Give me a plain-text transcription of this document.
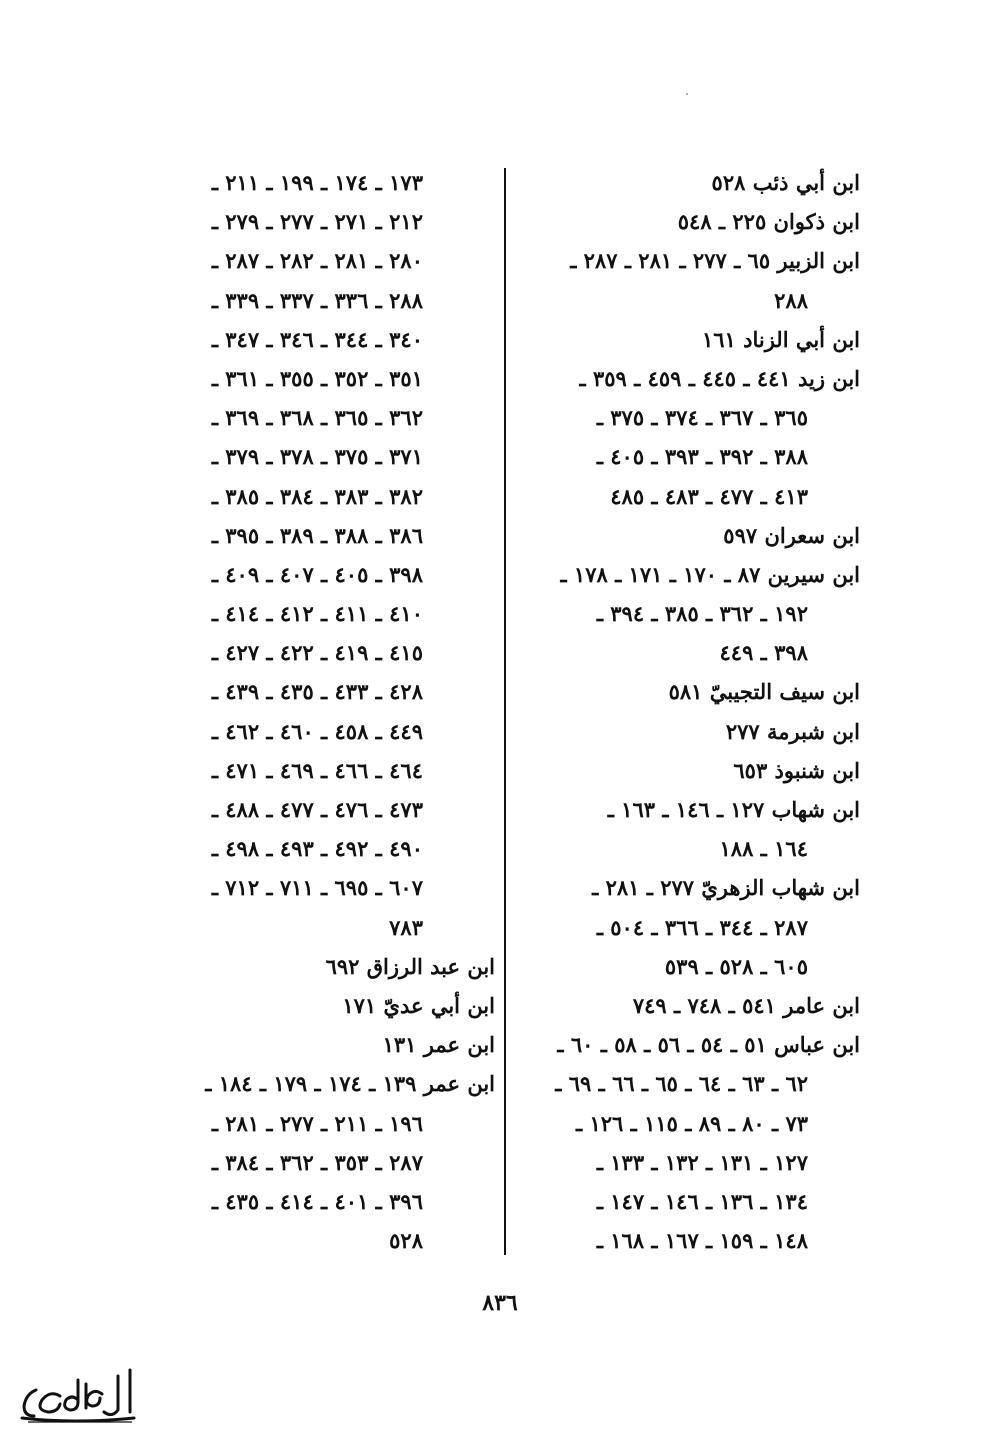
ابن أبي ذئب ٥٢٨
ابن ذكوان ٢٢٥ ـ ٥٤٨
ابن الزبير ٦٥ ـ ٢٧٧ ـ ٢٨١ ـ ٢٨٧ ـ
٢٨٨
ابن أبي الزناد ١٦١
ابن زيد ٤٤١ ـ ٤٤٥ ـ ٤٥٩ ـ ٣٥٩ ـ
٣٦٥ ـ ٣٦٧ ـ ٣٧٤ ـ ٣٧٥ ـ
٣٨٨ ـ ٣٩٢ ـ ٣٩٣ ـ ٤٠٥ ـ
٤١٣ ـ ٤٧٧ ـ ٤٨٣ ـ ٤٨٥
ابن سعران ٥٩٧
ابن سيرين ٨٧ ـ ١٧٠ ـ ١٧١ ـ ١٧٨ ـ
١٩٢ ـ ٣٦٢ ـ ٣٨٥ ـ ٣٩٤ ـ
٣٩٨ ـ ٤٤٩
ابن سيف التجيبيّ ٥٨١
ابن شبرمة ٢٧٧
ابن شنبوذ ٦٥٣
ابن شهاب ١٢٧ ـ ١٤٦ ـ ١٦٣ ـ
١٦٤ ـ ١٨٨
ابن شهاب الزهريّ ٢٧٧ ـ ٢٨١ ـ
٢٨٧ ـ ٣٤٤ ـ ٣٦٦ ـ ٥٠٤ ـ
٦٠٥ ـ ٥٢٨ ـ ٥٣٩
ابن عامر ٥٤١ ـ ٧٤٨ ـ ٧٤٩
ابن عباس ٥١ ـ ٥٤ ـ ٥٦ ـ ٥٨ ـ ٦٠ ـ
٦٢ ـ ٦٣ ـ ٦٤ ـ ٦٥ ـ ٦٦ ـ ٦٩ ـ
٧٣ ـ ٨٠ ـ ٨٩ ـ ١١٥ ـ ١٢٦ ـ
١٢٧ ـ ١٣١ ـ ١٣٢ ـ ١٣٣ ـ
١٣٤ ـ ١٣٦ ـ ١٤٦ ـ ١٤٧ ـ
١٤٨ ـ ١٥٩ ـ ١٦٧ ـ ١٦٨ ـ
١٧٣ ـ ١٧٤ ـ ١٩٩ ـ ٢١١ ـ
٢١٢ ـ ٢٧١ ـ ٢٧٧ ـ ٢٧٩ ـ
٢٨٠ ـ ٢٨١ ـ ٢٨٢ ـ ٢٨٧ ـ
٢٨٨ ـ ٣٣٦ ـ ٣٣٧ ـ ٣٣٩ ـ
٣٤٠ ـ ٣٤٤ ـ ٣٤٦ ـ ٣٤٧ ـ
٣٥١ ـ ٣٥٢ ـ ٣٥٥ ـ ٣٦١ ـ
٣٦٢ ـ ٣٦٥ ـ ٣٦٨ ـ ٣٦٩ ـ
٣٧١ ـ ٣٧٥ ـ ٣٧٨ ـ ٣٧٩ ـ
٣٨٢ ـ ٣٨٣ ـ ٣٨٤ ـ ٣٨٥ ـ
٣٨٦ ـ ٣٨٨ ـ ٣٨٩ ـ ٣٩٥ ـ
٣٩٨ ـ ٤٠٥ ـ ٤٠٧ ـ ٤٠٩ ـ
٤١٠ ـ ٤١١ ـ ٤١٢ ـ ٤١٤ ـ
٤١٥ ـ ٤١٩ ـ ٤٢٢ ـ ٤٢٧ ـ
٤٢٨ ـ ٤٣٣ ـ ٤٣٥ ـ ٤٣٩ ـ
٤٤٩ ـ ٤٥٨ ـ ٤٦٠ ـ ٤٦٢ ـ
٤٦٤ ـ ٤٦٦ ـ ٤٦٩ ـ ٤٧١ ـ
٤٧٣ ـ ٤٧٦ ـ ٤٧٧ ـ ٤٨٨ ـ
٤٩٠ ـ ٤٩٢ ـ ٤٩٣ ـ ٤٩٨ ـ
٦٠٧ ـ ٦٩٥ ـ ٧١١ ـ ٧١٢ ـ
٧٨٣
ابن عبد الرزاق ٦٩٢
ابن أبي عديّ ١٧١
ابن عمر ١٣١
ابن عمر ١٣٩ ـ ١٧٤ ـ ١٧٩ ـ ١٨٤ ـ
١٩٦ ـ ٢١١ ـ ٢٧٧ ـ ٢٨١ ـ
٢٨٧ ـ ٣٥٣ ـ ٣٦٢ ـ ٣٨٤ ـ
٣٩٦ ـ ٤٠١ ـ ٤١٤ ـ ٤٣٥ ـ
٥٢٨
٨٣٦
